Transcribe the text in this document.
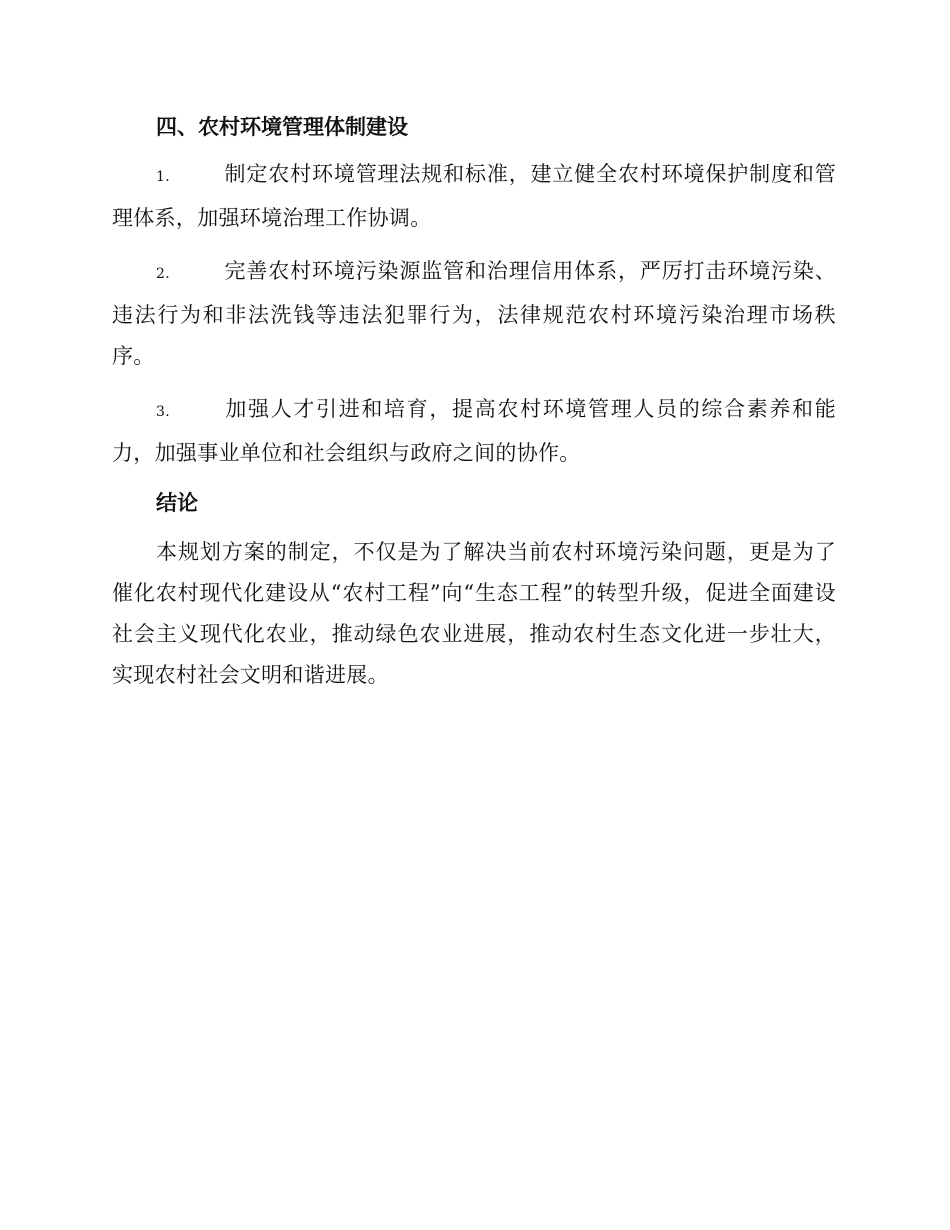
四、农村环境管理体制建设

1.	制定农村环境管理法规和标准，建立健全农村环境保护制度和管理体系，加强环境治理工作协调。

2.	完善农村环境污染源监管和治理信用体系，严厉打击环境污染、违法行为和非法洗钱等违法犯罪行为，法律规范农村环境污染治理市场秩序。

3.	加强人才引进和培育，提高农村环境管理人员的综合素养和能力，加强事业单位和社会组织与政府之间的协作。

结论

本规划方案的制定，不仅是为了解决当前农村环境污染问题，更是为了催化农村现代化建设从“农村工程”向“生态工程”的转型升级，促进全面建设社会主义现代化农业，推动绿色农业进展，推动农村生态文化进一步壮大，实现农村社会文明和谐进展。
